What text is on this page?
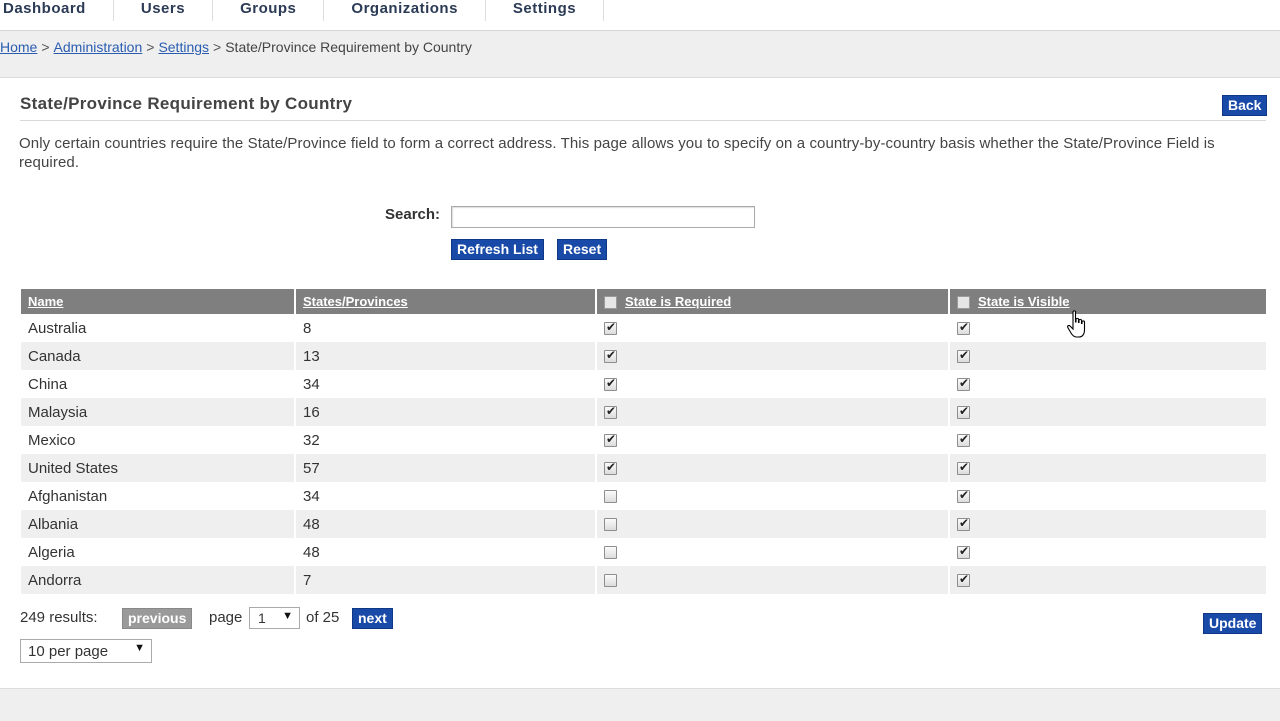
Dashboard	Users	Groups	Organizations	Settings
Home > Administration > Settings > State/Province Requirement by Country
State/Province Requirement by Country	Back
Only certain countries require the State/Province field to form a correct address. This page allows you to specify on a country-by-country basis whether the State/Province Field is required.
Search:
Refresh List	Reset
Name	States/Provinces	State is Required	State is Visible
Australia	8	✔	✔
Canada	13	✔	✔
China	34	✔	✔
Malaysia	16	✔	✔
Mexico	32	✔	✔
United States	57	✔	✔
Afghanistan	34		✔
Albania	48		✔
Algeria	48		✔
Andorra	7		✔
249 results:	previous	page	1 ▼ of 25	next	Update
10 per page ▼
